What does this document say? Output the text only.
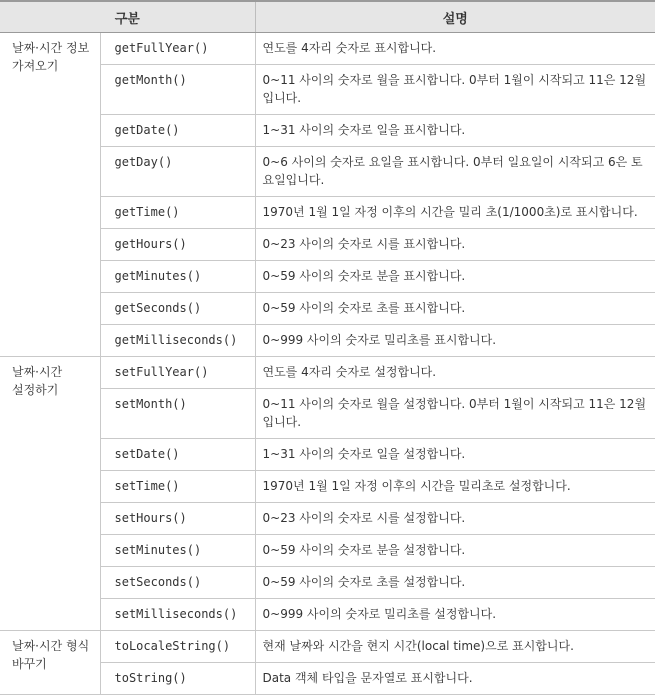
구분		설명
날짜·시간 정보
가져오기	getFullYear()	연도를 4자리 숫자로 표시합니다.
	getMonth()	0~11 사이의 숫자로 월을 표시합니다. 0부터 1월이 시작되고 11은 12월입니다.
	getDate()	1~31 사이의 숫자로 일을 표시합니다.
	getDay()	0~6 사이의 숫자로 요일을 표시합니다. 0부터 일요일이 시작되고 6은 토요일입니다.
	getTime()	1970년 1월 1일 자정 이후의 시간을 밀리 초(1/1000초)로 표시합니다.
	getHours()	0~23 사이의 숫자로 시를 표시합니다.
	getMinutes()	0~59 사이의 숫자로 분을 표시합니다.
	getSeconds()	0~59 사이의 숫자로 초를 표시합니다.
	getMilliseconds()	0~999 사이의 숫자로 밀리초를 표시합니다.
날짜·시간
설정하기	setFullYear()	연도를 4자리 숫자로 설정합니다.
	setMonth()	0~11 사이의 숫자로 월을 설정합니다. 0부터 1월이 시작되고 11은 12월입니다.
	setDate()	1~31 사이의 숫자로 일을 설정합니다.
	setTime()	1970년 1월 1일 자정 이후의 시간을 밀리초로 설정합니다.
	setHours()	0~23 사이의 숫자로 시를 설정합니다.
	setMinutes()	0~59 사이의 숫자로 분을 설정합니다.
	setSeconds()	0~59 사이의 숫자로 초를 설정합니다.
	setMilliseconds()	0~999 사이의 숫자로 밀리초를 설정합니다.
날짜·시간 형식
바꾸기	toLocaleString()	현재 날짜와 시간을 현지 시간(local time)으로 표시합니다.
	toString()	Data 객체 타입을 문자열로 표시합니다.
